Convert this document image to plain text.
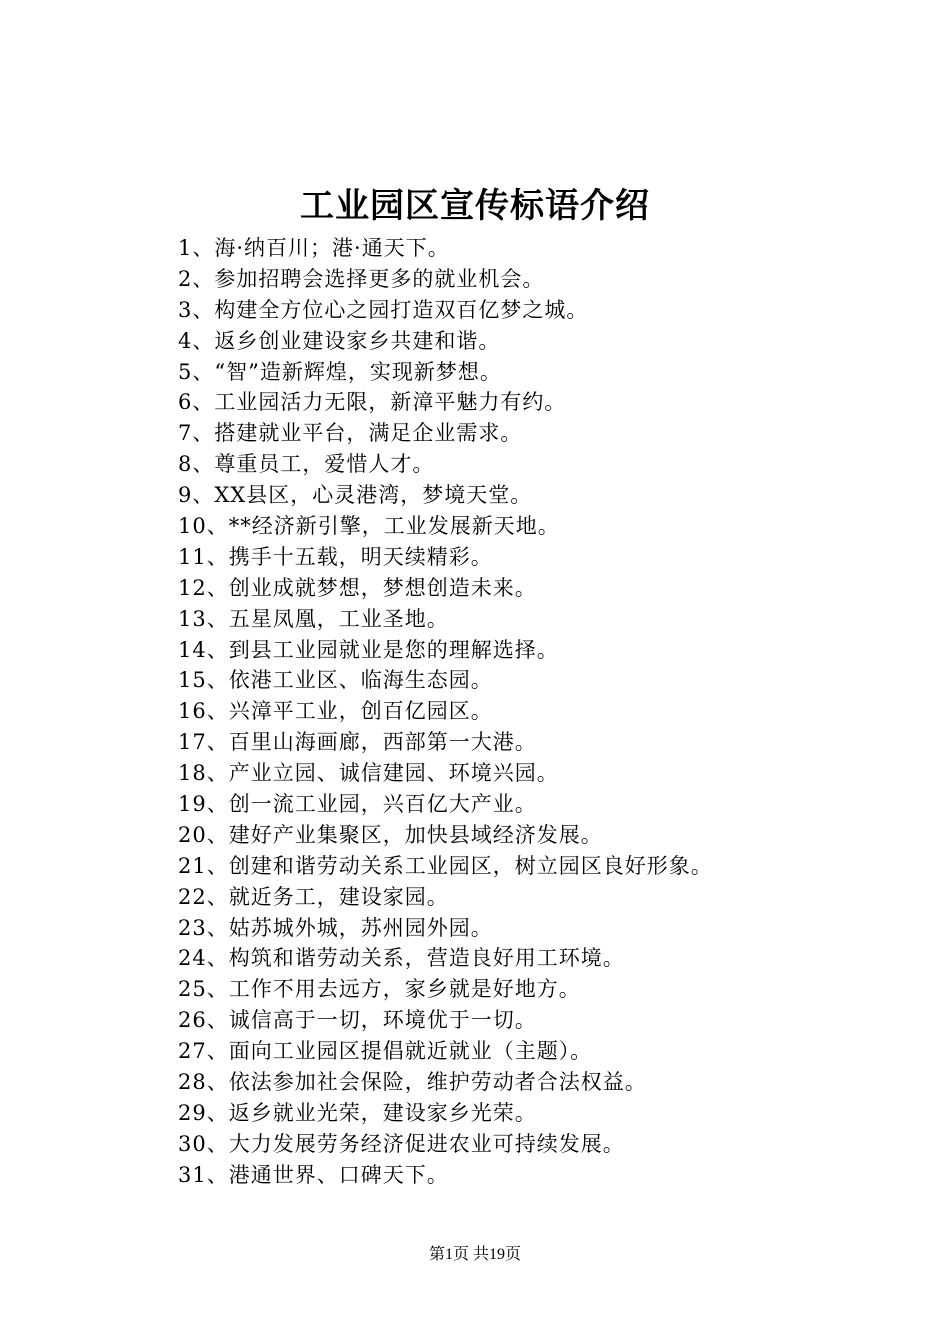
工业园区宣传标语介绍
1、海·纳百川；港·通天下。
2、参加招聘会选择更多的就业机会。
3、构建全方位心之园打造双百亿梦之城。
4、返乡创业建设家乡共建和谐。
5、“智”造新辉煌，实现新梦想。
6、工业园活力无限，新漳平魅力有约。
7、搭建就业平台，满足企业需求。
8、尊重员工，爱惜人才。
9、XX县区，心灵港湾，梦境天堂。
10、**经济新引擎，工业发展新天地。
11、携手十五载，明天续精彩。
12、创业成就梦想，梦想创造未来。
13、五星凤凰，工业圣地。
14、到县工业园就业是您的理解选择。
15、依港工业区、临海生态园。
16、兴漳平工业，创百亿园区。
17、百里山海画廊，西部第一大港。
18、产业立园、诚信建园、环境兴园。
19、创一流工业园，兴百亿大产业。
20、建好产业集聚区，加快县域经济发展。
21、创建和谐劳动关系工业园区，树立园区良好形象。
22、就近务工，建设家园。
23、姑苏城外城，苏州园外园。
24、构筑和谐劳动关系，营造良好用工环境。
25、工作不用去远方，家乡就是好地方。
26、诚信高于一切，环境优于一切。
27、面向工业园区提倡就近就业（主题）。
28、依法参加社会保险，维护劳动者合法权益。
29、返乡就业光荣，建设家乡光荣。
30、大力发展劳务经济促进农业可持续发展。
31、港通世界、口碑天下。
第1页 共19页
